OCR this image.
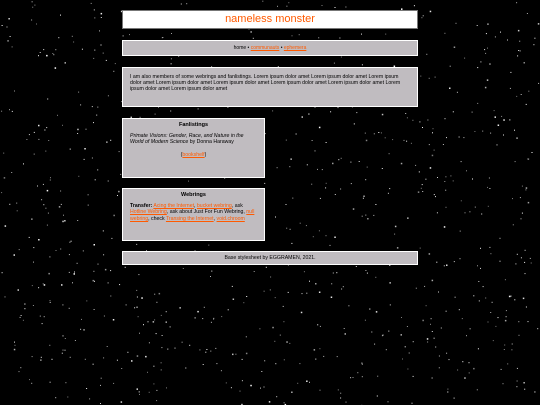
nameless monster
home • communauts • ephemera
I am also members of some webrings and fanlistings. Lorem ipsum dolor amet Lorem ipsum dolor amet Lorem ipsum dolor amet Lorem ipsum dolor amet Lorem ipsum dolor amet Lorem ipsum dolor amet Lorem ipsum dolor amet Lorem ipsum dolor amet Lorem ipsum dolor amet
Fanlistings
Primate Visions: Gender, Race, and Nature in the World of Modern Science by Donna Haraway
(bookshelf)
Webrings
Transfer: Acing the Internet, bucket webring, ask Hotline Webring, ask about Just For Fun Webring, null webring, check Transing the Internet, void.chroom
Base stylesheet by EGGRAMEN, 2021.
